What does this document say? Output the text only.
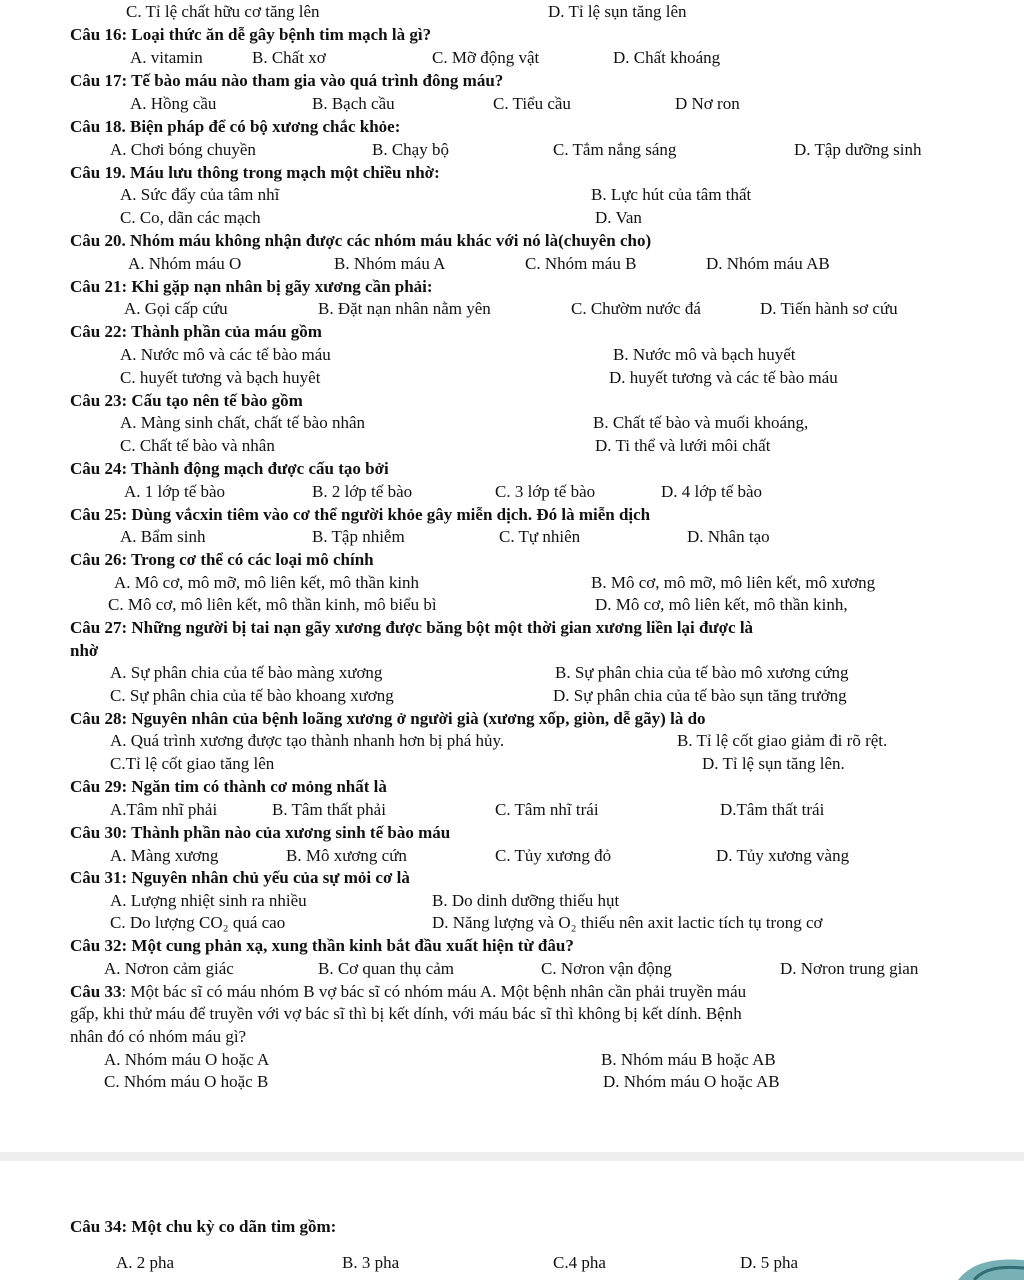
C. Tỉ lệ chất hữu cơ tăng lên	D. Tỉ lệ sụn tăng lên
Câu 16: Loại thức ăn dễ gây bệnh tim mạch là gì?
A. vitamin	B. Chất xơ	C. Mỡ động vật	D. Chất khoáng
Câu 17: Tế bào máu nào tham gia vào quá trình đông máu?
A. Hồng cầu	B. Bạch cầu	C. Tiểu cầu	D Nơ ron
Câu 18. Biện pháp để có bộ xương chắc khỏe:
A. Chơi bóng chuyền	B. Chạy bộ	C. Tắm nắng sáng	D. Tập dưỡng sinh
Câu 19. Máu lưu thông trong mạch một chiều nhờ:
A. Sức đẩy của tâm nhĩ	B. Lực hút của tâm thất
C. Co, dãn các mạch	D. Van
Câu 20. Nhóm máu không nhận được các nhóm máu khác với nó là(chuyên cho)
A. Nhóm máu O	B. Nhóm máu A	C. Nhóm máu B	D. Nhóm máu AB
Câu 21: Khi gặp nạn nhân bị gãy xương cần phải:
A. Gọi cấp cứu	B. Đặt nạn nhân nằm yên	C. Chườm nước đá	D. Tiến hành sơ cứu
Câu 22: Thành phần của máu gồm
A. Nước mô và các tế bào máu	B. Nước mô và bạch huyết
C. huyết tương và bạch huyêt	D. huyết tương và các tế bào máu
Câu 23: Cấu tạo nên tế bào gồm
A. Màng sinh chất, chất tế bào nhân	B. Chất tế bào và muối khoáng,
C. Chất tế bào và nhân	D. Ti thể và lưới môi chất
Câu 24: Thành động mạch được cấu tạo bởi
A. 1 lớp tế bào	B. 2 lớp tế bào	C. 3 lớp tế bào	D. 4 lớp tế bào
Câu 25: Dùng vắcxin tiêm vào cơ thể người khỏe gây miễn dịch. Đó là miễn dịch
A. Bẩm sinh	B. Tập nhiễm	C. Tự nhiên	D. Nhân tạo
Câu 26: Trong cơ thể có các loại mô chính
A. Mô cơ, mô mỡ, mô liên kết, mô thần kinh	B. Mô cơ, mô mỡ, mô liên kết, mô xương
C. Mô cơ, mô liên kết, mô thần kinh, mô biểu bì	D. Mô cơ, mô liên kết, mô thần kinh,
Câu 27: Những người bị tai nạn gãy xương được băng bột một thời gian xương liền lại được là
nhờ
A. Sự phân chia của tế bào màng xương	B. Sự phân chia của tế bào mô xương cứng
C. Sự phân chia của tế bào khoang xương	D. Sự phân chia của tế bào sụn tăng trưởng
Câu 28: Nguyên nhân của bệnh loãng xương ở người già (xương xốp, giòn, dễ gãy) là do
A. Quá trình xương được tạo thành nhanh hơn bị phá hủy.	B. Tỉ lệ cốt giao giảm đi rõ rệt.
C.Tỉ lệ cốt giao tăng lên	D. Tỉ lệ sụn tăng lên.
Câu 29: Ngăn tim có thành cơ mỏng nhất là
A.Tâm nhĩ phải	B. Tâm thất phải	C. Tâm nhĩ trái	D.Tâm thất trái
Câu 30: Thành phần nào của xương sinh tế bào máu
A. Màng xương	B. Mô xương cứn	C. Tủy xương đỏ	D. Tủy xương vàng
Câu 31: Nguyên nhân chủ yếu của sự mỏi cơ là
A. Lượng nhiệt sinh ra nhiều	B. Do dinh dưỡng thiếu hụt
C. Do lượng CO₂ quá cao	D. Năng lượng và O₂ thiếu nên axit lactic tích tụ trong cơ
Câu 32: Một cung phản xạ, xung thần kinh bắt đầu xuất hiện từ đâu?
A. Nơron cảm giác	B. Cơ quan thụ cảm	C. Nơron vận động	D. Nơron trung gian
Câu 33: Một bác sĩ có máu nhóm B vợ bác sĩ có nhóm máu A. Một bệnh nhân cần phải truyền máu
gấp, khi thử máu để truyền với vợ bác sĩ thì bị kết dính, với máu bác sĩ thì không bị kết dính. Bệnh
nhân đó có nhóm máu gì?
A. Nhóm máu O hoặc A	B. Nhóm máu B hoặc AB
C. Nhóm máu O hoặc B	D. Nhóm máu O hoặc AB
Câu 34: Một chu kỳ co dãn tim gồm:
A. 2 pha	B. 3 pha	C.4 pha	D. 5 pha
